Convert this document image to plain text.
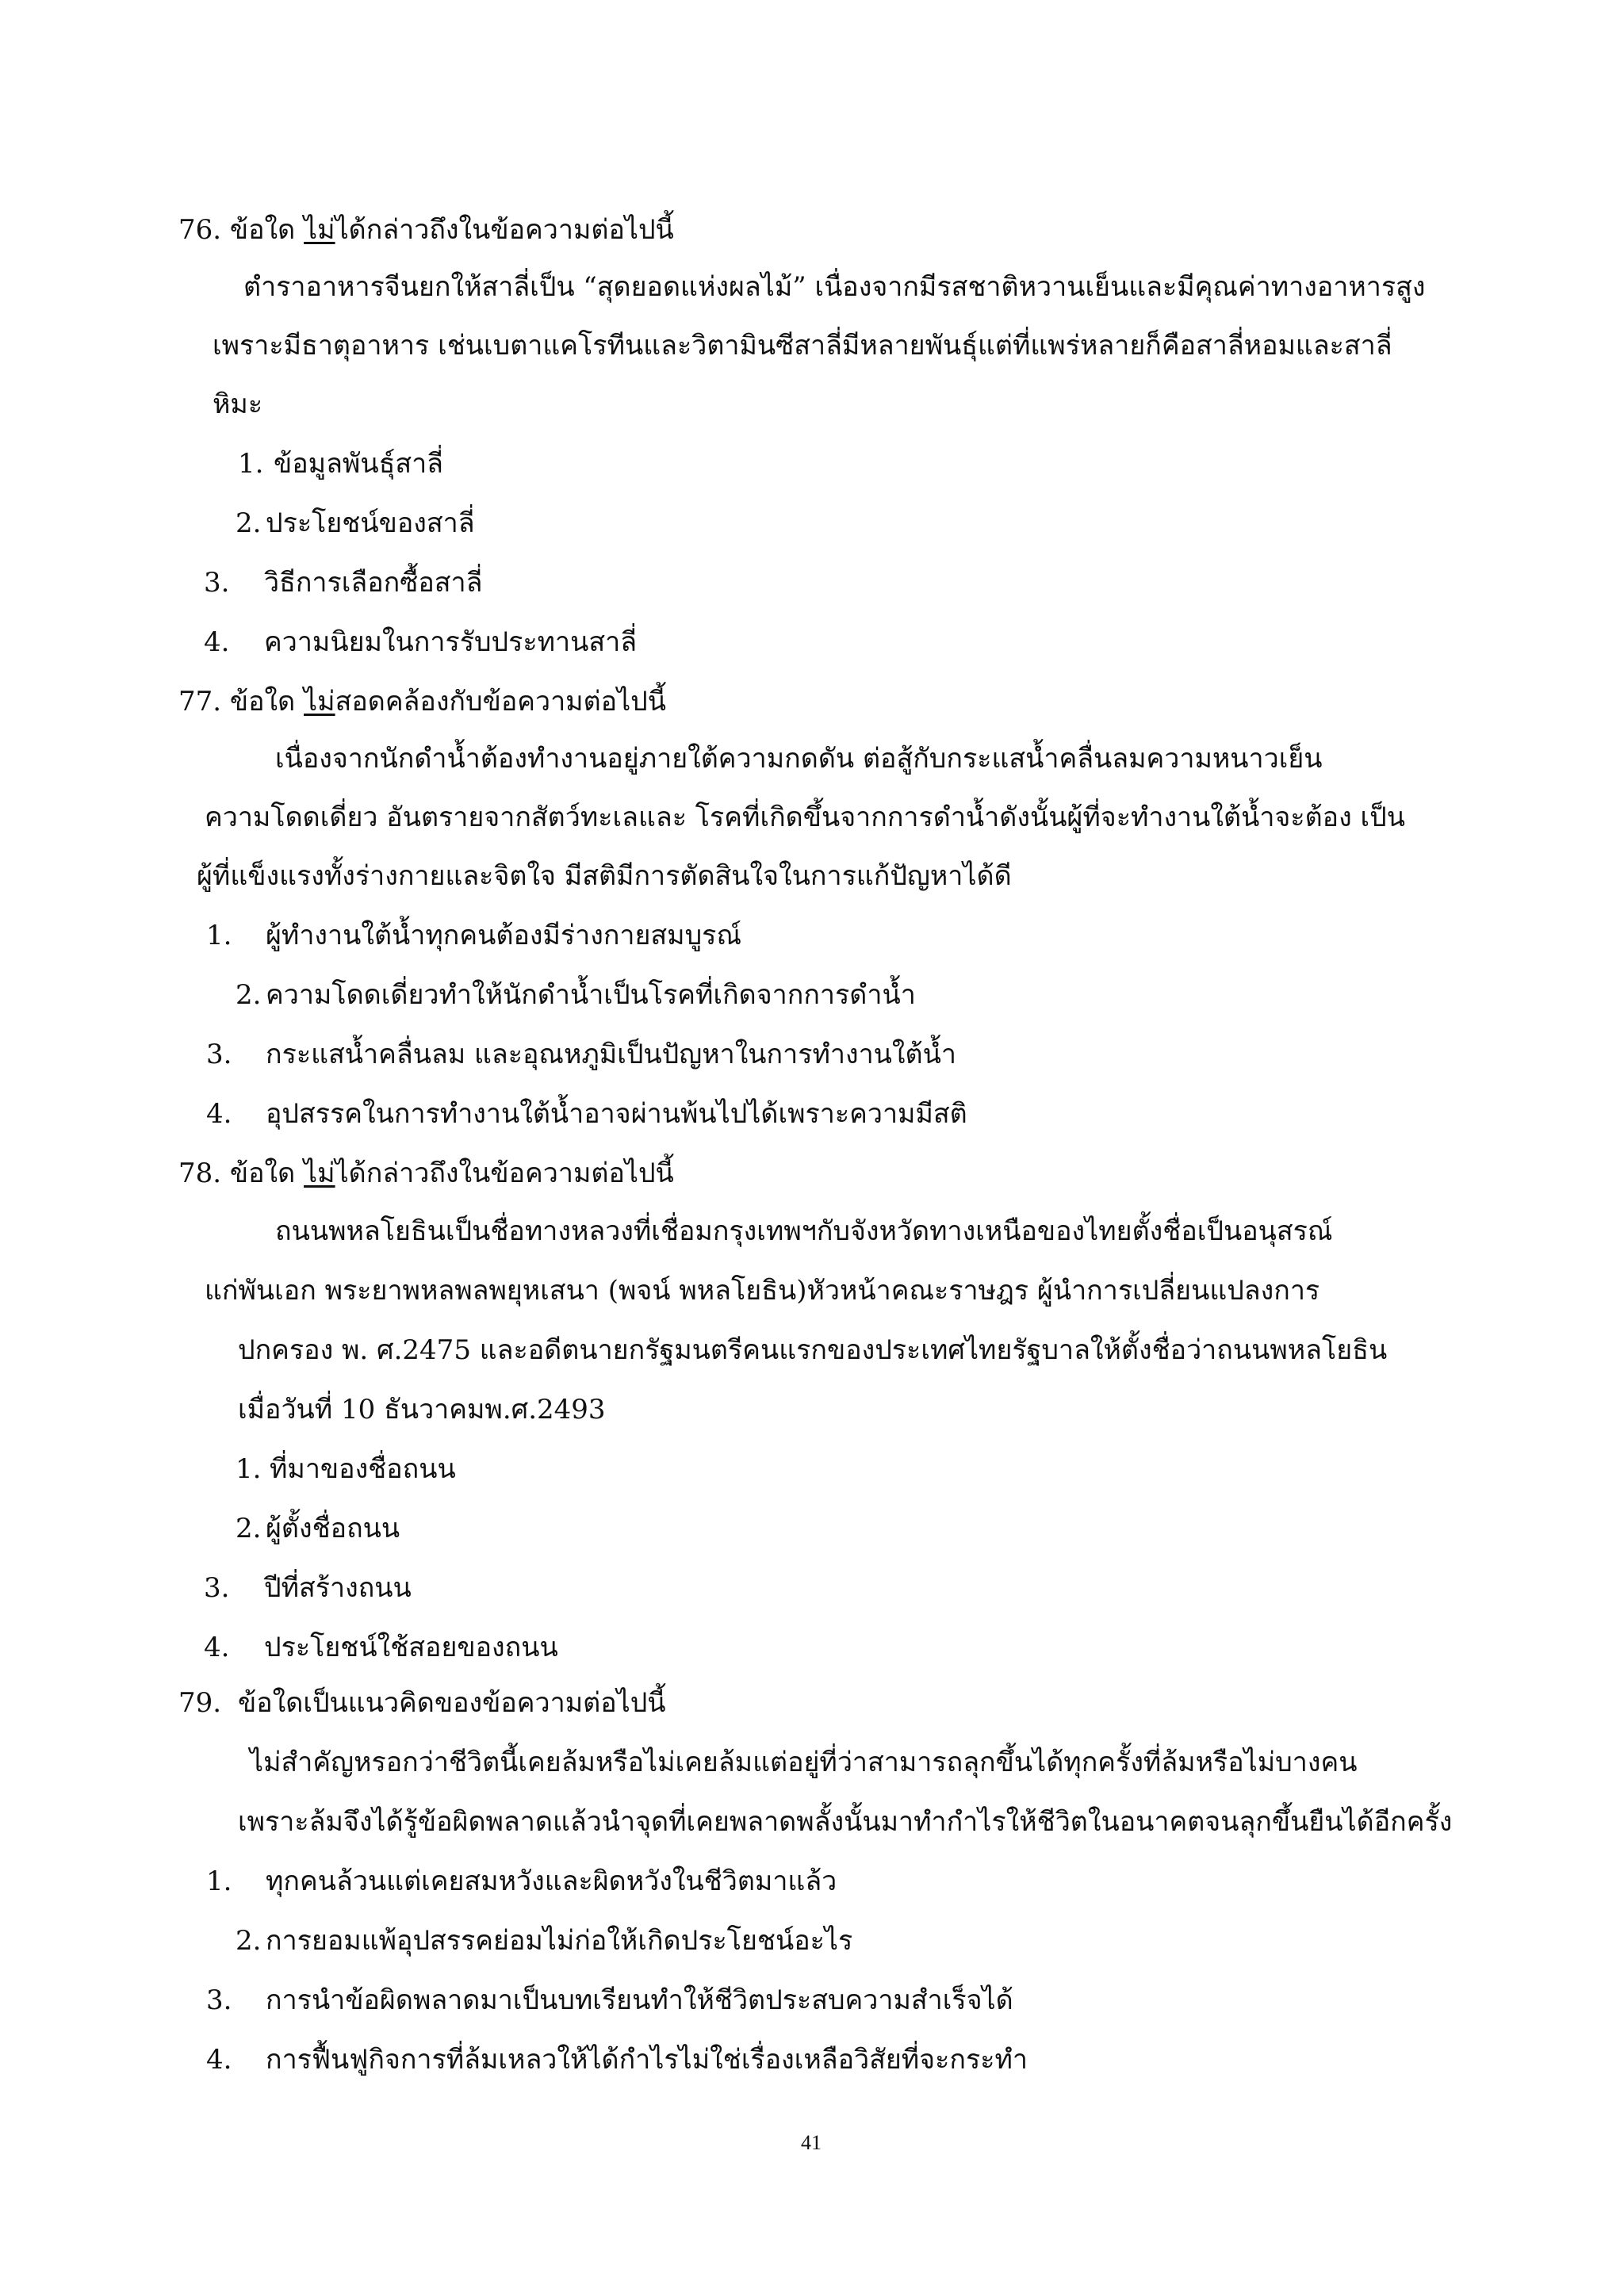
76. ข้อใด ไม่ได้กล่าวถึงในข้อความต่อไปนี้
ตำราอาหารจีนยกให้สาลี่เป็น “สุดยอดแห่งผลไม้” เนื่องจากมีรสชาติหวานเย็นและมีคุณค่าทางอาหารสูง
เพราะมีธาตุอาหาร เช่นเบตาแคโรทีนและวิตามินซีสาลี่มีหลายพันธุ์แต่ที่แพร่หลายก็คือสาลี่หอมและสาลี่
หิมะ
1. ข้อมูลพันธุ์สาลี่
2. ประโยชน์ของสาลี่
3. วิธีการเลือกซื้อสาลี่
4. ความนิยมในการรับประทานสาลี่
77. ข้อใด ไม่สอดคล้องกับข้อความต่อไปนี้
เนื่องจากนักดำน้ำต้องทำงานอยู่ภายใต้ความกดดัน ต่อสู้กับกระแสน้ำคลื่นลมความหนาวเย็น
ความโดดเดี่ยว อันตรายจากสัตว์ทะเลและ โรคที่เกิดขึ้นจากการดำน้ำดังนั้นผู้ที่จะทำงานใต้น้ำจะต้อง เป็น
ผู้ที่แข็งแรงทั้งร่างกายและจิตใจ มีสติมีการตัดสินใจในการแก้ปัญหาได้ดี
1. ผู้ทำงานใต้น้ำทุกคนต้องมีร่างกายสมบูรณ์
2. ความโดดเดี่ยวทำให้นักดำน้ำเป็นโรคที่เกิดจากการดำน้ำ
3. กระแสน้ำคลื่นลม และอุณหภูมิเป็นปัญหาในการทำงานใต้น้ำ
4. อุปสรรคในการทำงานใต้น้ำอาจผ่านพ้นไปได้เพราะความมีสติ
78. ข้อใด ไม่ได้กล่าวถึงในข้อความต่อไปนี้
ถนนพหลโยธินเป็นชื่อทางหลวงที่เชื่อมกรุงเทพฯกับจังหวัดทางเหนือของไทยตั้งชื่อเป็นอนุสรณ์
แก่พันเอก พระยาพหลพลพยุหเสนา (พจน์ พหลโยธิน)หัวหน้าคณะราษฎร ผู้นำการเปลี่ยนแปลงการ
ปกครอง พ. ศ.2475 และอดีตนายกรัฐมนตรีคนแรกของประเทศไทยรัฐบาลให้ตั้งชื่อว่าถนนพหลโยธิน
เมื่อวันที่ 10 ธันวาคมพ.ศ.2493
1. ที่มาของชื่อถนน
2. ผู้ตั้งชื่อถนน
3. ปีที่สร้างถนน
4. ประโยชน์ใช้สอยของถนน
79. ข้อใดเป็นแนวคิดของข้อความต่อไปนี้
ไม่สำคัญหรอกว่าชีวิตนี้เคยล้มหรือไม่เคยล้มแต่อยู่ที่ว่าสามารถลุกขึ้นได้ทุกครั้งที่ล้มหรือไม่บางคน
เพราะล้มจึงได้รู้ข้อผิดพลาดแล้วนำจุดที่เคยพลาดพลั้งนั้นมาทำกำไรให้ชีวิตในอนาคตจนลุกขึ้นยืนได้อีกครั้ง
1. ทุกคนล้วนแต่เคยสมหวังและผิดหวังในชีวิตมาแล้ว
2. การยอมแพ้อุปสรรคย่อมไม่ก่อให้เกิดประโยชน์อะไร
3. การนำข้อผิดพลาดมาเป็นบทเรียนทำให้ชีวิตประสบความสำเร็จได้
4. การฟื้นฟูกิจการที่ล้มเหลวให้ได้กำไรไม่ใช่เรื่องเหลือวิสัยที่จะกระทำ
41
